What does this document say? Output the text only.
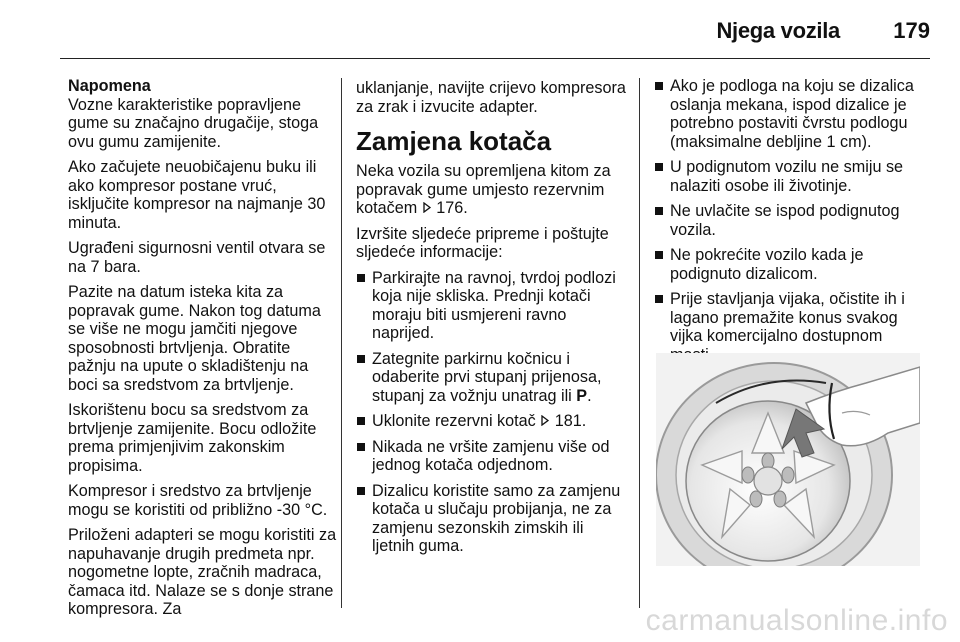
Njega vozila 179

Napomena

Vozne karakteristike popravljene gume su značajno drugačije, stoga ovu gumu zamijenite.

Ako začujete neuobičajenu buku ili ako kompresor postane vruć, isključite kompresor na najmanje 30 minuta.

Ugrađeni sigurnosni ventil otvara se na 7 bara.

Pazite na datum isteka kita za popravak gume. Nakon tog datuma se više ne mogu jamčiti njegove sposobnosti brtvljenja. Obratite pažnju na upute o skladištenju na boci sa sredstvom za brtvljenje.

Iskorištenu bocu sa sredstvom za brtvljenje zamijenite. Bocu odložite prema primjenjivim zakonskim propisima.

Kompresor i sredstvo za brtvljenje mogu se koristiti od približno -30 °C.

Priloženi adapteri se mogu koristiti za napuhavanje drugih predmeta npr. nogometne lopte, zračnih madraca, čamaca itd. Nalaze se s donje strane kompresora. Za

uklanjanje, navijte crijevo kompresora za zrak i izvucite adapter.

Zamjena kotača

Neka vozila su opremljena kitom za popravak gume umjesto rezervnim kotačem 176.

Izvršite sljedeće pripreme i poštujte sljedeće informacije:

Parkirajte na ravnoj, tvrdoj podlozi koja nije skliska. Prednji kotači moraju biti usmjereni ravno naprijed.
Zategnite parkirnu kočnicu i odaberite prvi stupanj prijenosa, stupanj za vožnju unatrag ili P.
Uklonite rezervni kotač 181.
Nikada ne vršite zamjenu više od jednog kotača odjednom.
Dizalicu koristite samo za zamjenu kotača u slučaju probijanja, ne za zamjenu sezonskih zimskih ili ljetnih guma.
Ako je podloga na koju se dizalica oslanja mekana, ispod dizalice je potrebno postaviti čvrstu podlogu (maksimalne debljine 1 cm).
U podignutom vozilu ne smiju se nalaziti osobe ili životinje.
Ne uvlačite se ispod podignutog vozila.
Ne pokrećite vozilo kada je podignuto dizalicom.
Prije stavljanja vijaka, očistite ih i lagano premažite konus svakog vijka komercijalno dostupnom
carmanualsonline.info
